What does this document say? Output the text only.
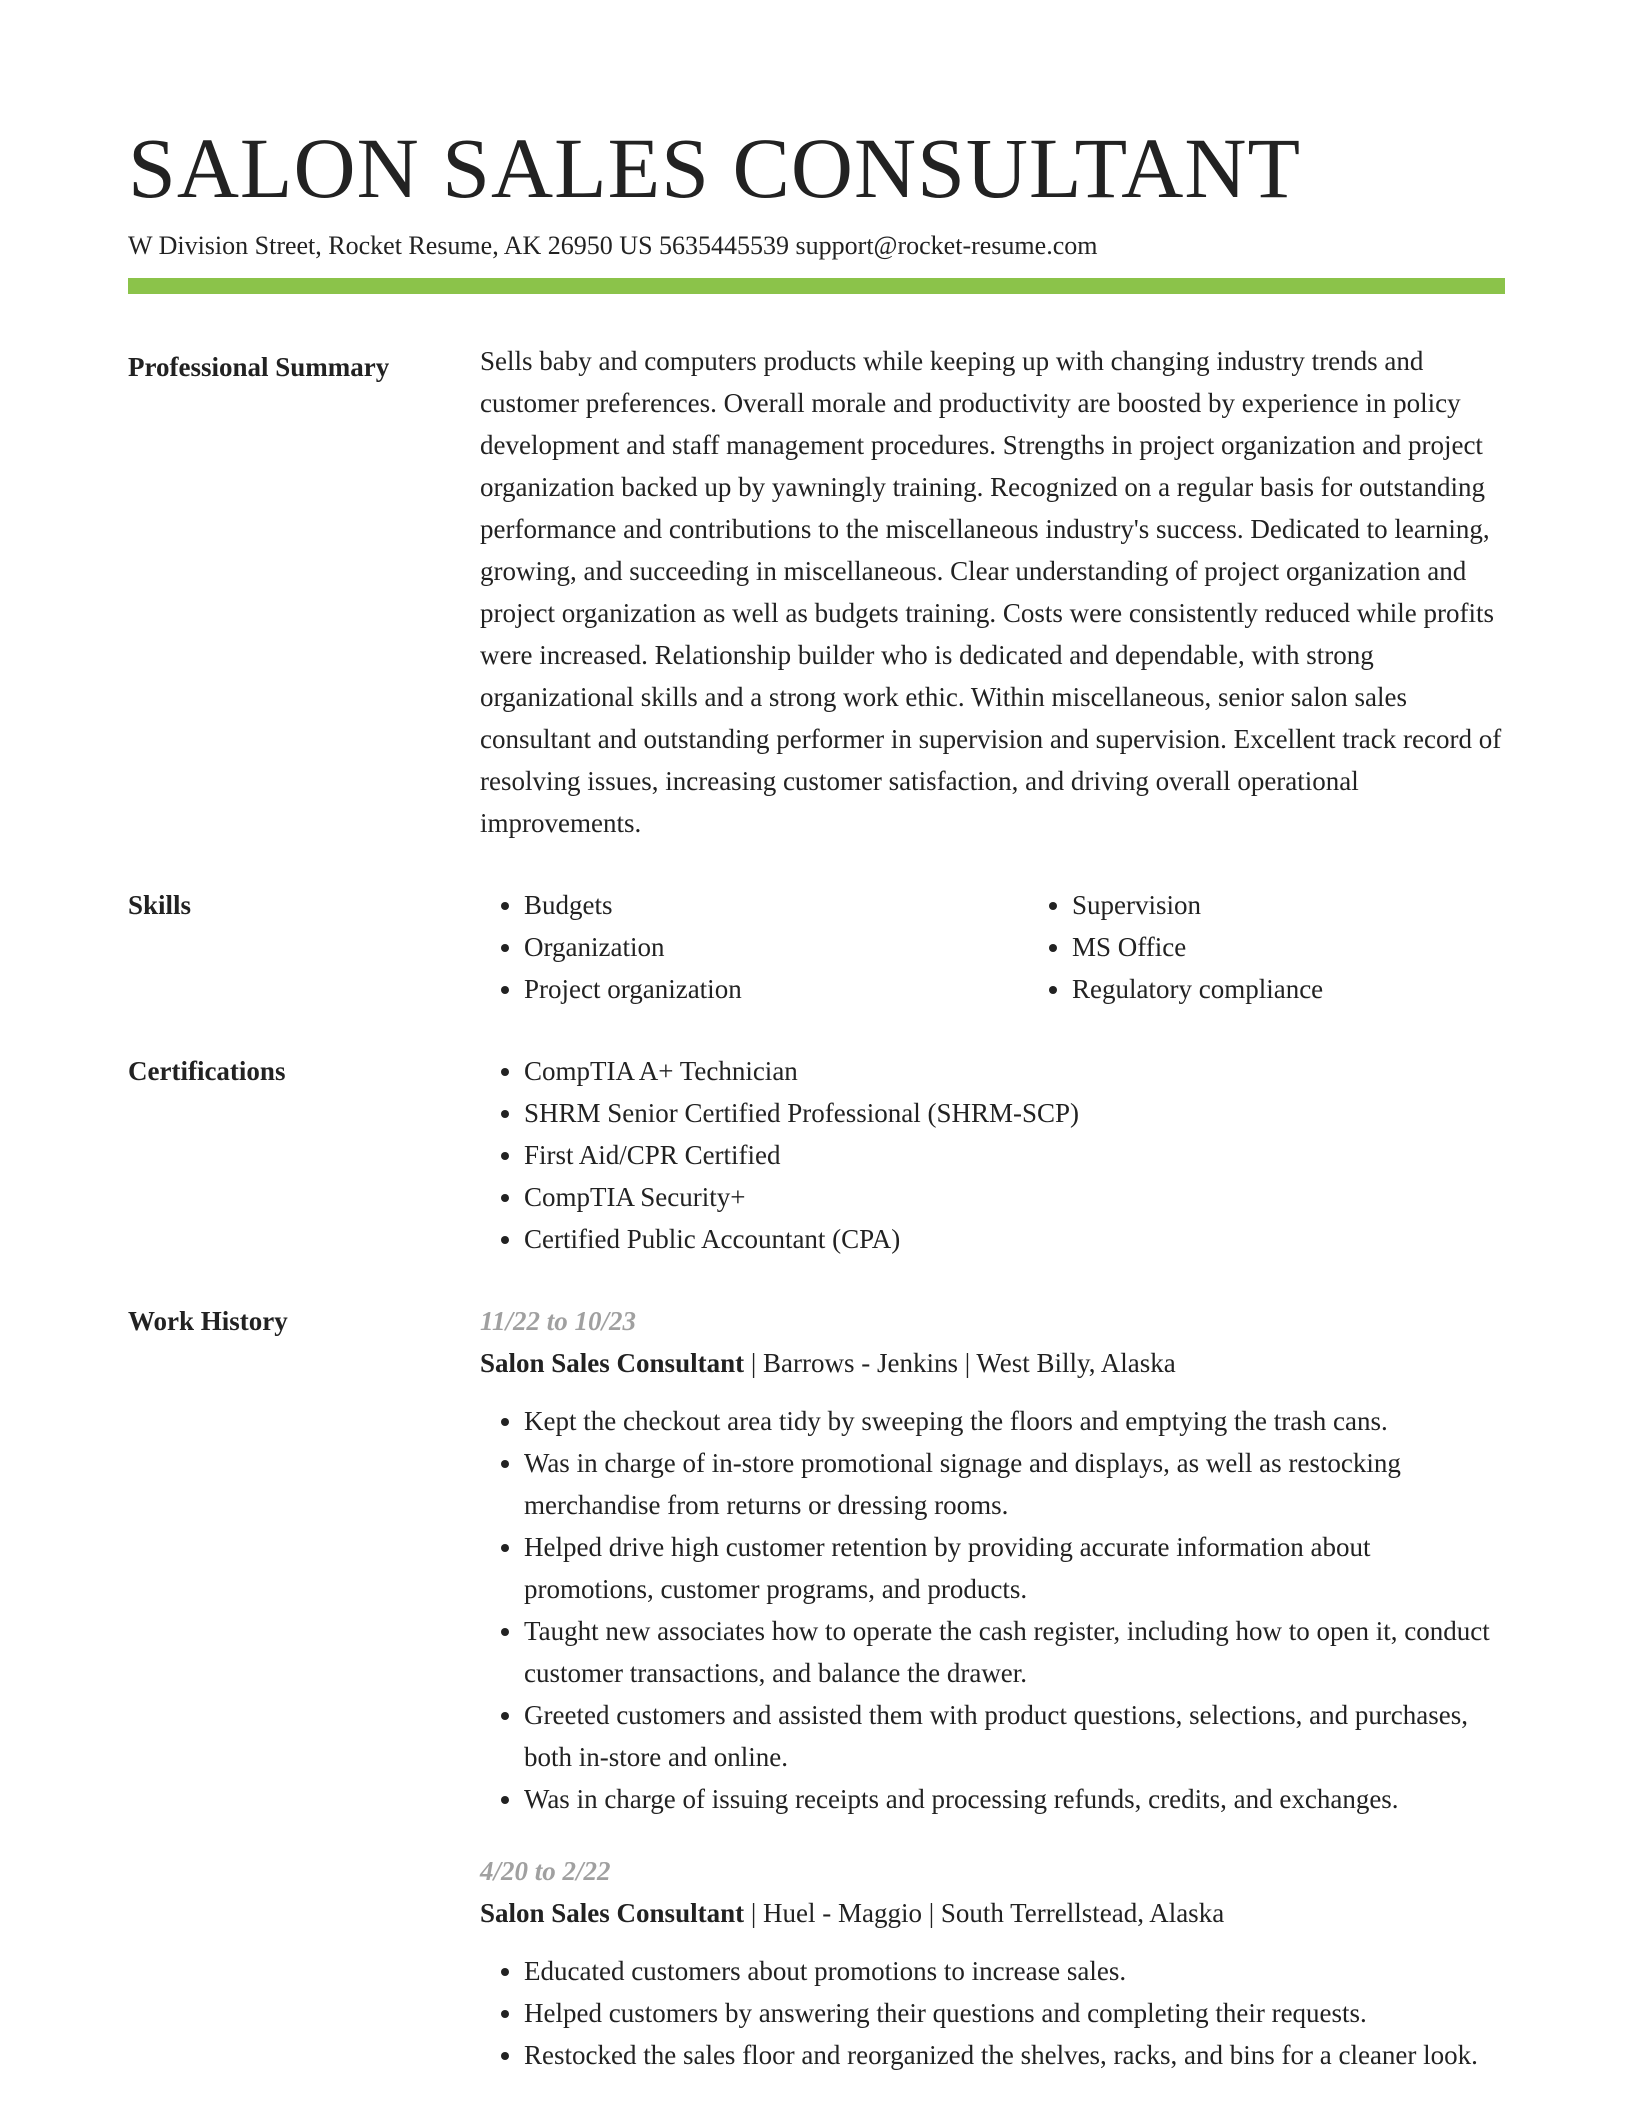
SALON SALES CONSULTANT
W Division Street, Rocket Resume, AK 26950 US 5635445539 support@rocket-resume.com
Professional Summary	Sells baby and computers products while keeping up with changing industry trends and customer preferences. Overall morale and productivity are boosted by experience in policy development and staff management procedures. Strengths in project organization and project organization backed up by yawningly training. Recognized on a regular basis for outstanding performance and contributions to the miscellaneous industry's success. Dedicated to learning, growing, and succeeding in miscellaneous. Clear understanding of project organization and project organization as well as budgets training. Costs were consistently reduced while profits were increased. Relationship builder who is dedicated and dependable, with strong organizational skills and a strong work ethic. Within miscellaneous, senior salon sales consultant and outstanding performer in supervision and supervision. Excellent track record of resolving issues, increasing customer satisfaction, and driving overall operational improvements.

Skills	• Budgets
• Organization
• Project organization
• Supervision
• MS Office
• Regulatory compliance
Certifications	• CompTIA A+ Technician
• SHRM Senior Certified Professional (SHRM-SCP)
• First Aid/CPR Certified
• CompTIA Security+
• Certified Public Accountant (CPA)
Work History	11/22 to 10/23
Salon Sales Consultant | Barrows - Jenkins | West Billy, Alaska
• Kept the checkout area tidy by sweeping the floors and emptying the trash cans.
• Was in charge of in-store promotional signage and displays, as well as restocking merchandise from returns or dressing rooms.
• Helped drive high customer retention by providing accurate information about promotions, customer programs, and products.
• Taught new associates how to operate the cash register, including how to open it, conduct customer transactions, and balance the drawer.
• Greeted customers and assisted them with product questions, selections, and purchases, both in-store and online.
• Was in charge of issuing receipts and processing refunds, credits, and exchanges.
4/20 to 2/22
Salon Sales Consultant | Huel - Maggio | South Terrellstead, Alaska
• Educated customers about promotions to increase sales.
• Helped customers by answering their questions and completing their requests.
• Restocked the sales floor and reorganized the shelves, racks, and bins for a cleaner look.
